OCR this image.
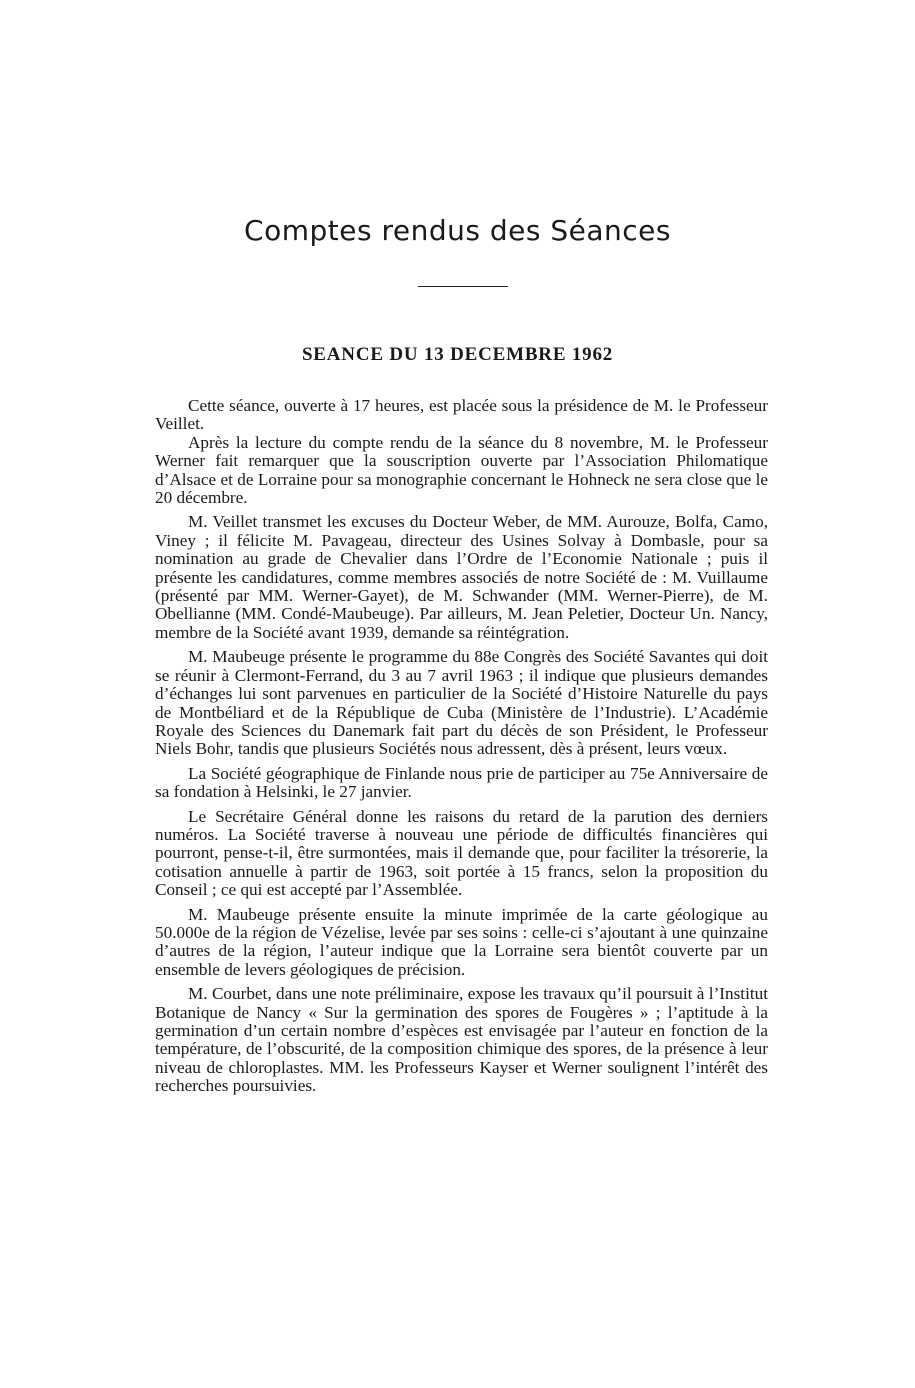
Comptes rendus des Séances
SEANCE DU 13 DECEMBRE 1962

Cette séance, ouverte à 17 heures, est placée sous la présidence de M. le Professeur Veillet.

Après la lecture du compte rendu de la séance du 8 novembre, M. le Professeur Werner fait remarquer que la souscription ouverte par l’Association Philomatique d’Alsace et de Lorraine pour sa monographie concernant le Hohneck ne sera close que le 20 décembre.

M. Veillet transmet les excuses du Docteur Weber, de MM. Aurouze, Bolfa, Camo, Viney ; il félicite M. Pavageau, directeur des Usines Solvay à Dombasle, pour sa nomination au grade de Chevalier dans l’Ordre de l’Economie Nationale ; puis il présente les candidatures, comme membres associés de notre Société de : M. Vuillaume (présenté par MM. Werner-Gayet), de M. Schwander (MM. Werner-Pierre), de M. Obellianne (MM. Condé-Maubeuge). Par ailleurs, M. Jean Peletier, Docteur Un. Nancy, membre de la Société avant 1939, demande sa réintégration.

M. Maubeuge présente le programme du 88e Congrès des Société Savantes qui doit se réunir à Clermont-Ferrand, du 3 au 7 avril 1963 ; il indique que plusieurs demandes d’échanges lui sont parvenues en particulier de la Société d’Histoire Naturelle du pays de Montbéliard et de la République de Cuba (Ministère de l’Industrie). L’Académie Royale des Sciences du Danemark fait part du décès de son Président, le Professeur Niels Bohr, tandis que plusieurs Sociétés nous adressent, dès à présent, leurs vœux.

La Société géographique de Finlande nous prie de participer au 75e Anniversaire de sa fondation à Helsinki, le 27 janvier.

Le Secrétaire Général donne les raisons du retard de la parution des derniers numéros. La Société traverse à nouveau une période de difficultés financières qui pourront, pense-t-il, être surmontées, mais il demande que, pour faciliter la trésorerie, la cotisation annuelle à partir de 1963, soit portée à 15 francs, selon la proposition du Conseil ; ce qui est accepté par l’Assemblée.

M. Maubeuge présente ensuite la minute imprimée de la carte géologique au 50.000e de la région de Vézelise, levée par ses soins : celle-ci s’ajoutant à une quinzaine d’autres de la région, l’auteur indique que la Lorraine sera bientôt couverte par un ensemble de levers géologiques de précision.

M. Courbet, dans une note préliminaire, expose les travaux qu’il poursuit à l’Institut Botanique de Nancy « Sur la germination des spores de Fougères » ; l’aptitude à la germination d’un certain nombre d’espèces est envisagée par l’auteur en fonction de la température, de l’obscurité, de la composition chimique des spores, de la présence à leur niveau de chloroplastes. MM. les Professeurs Kayser et Werner soulignent l’intérêt des recherches poursuivies.
